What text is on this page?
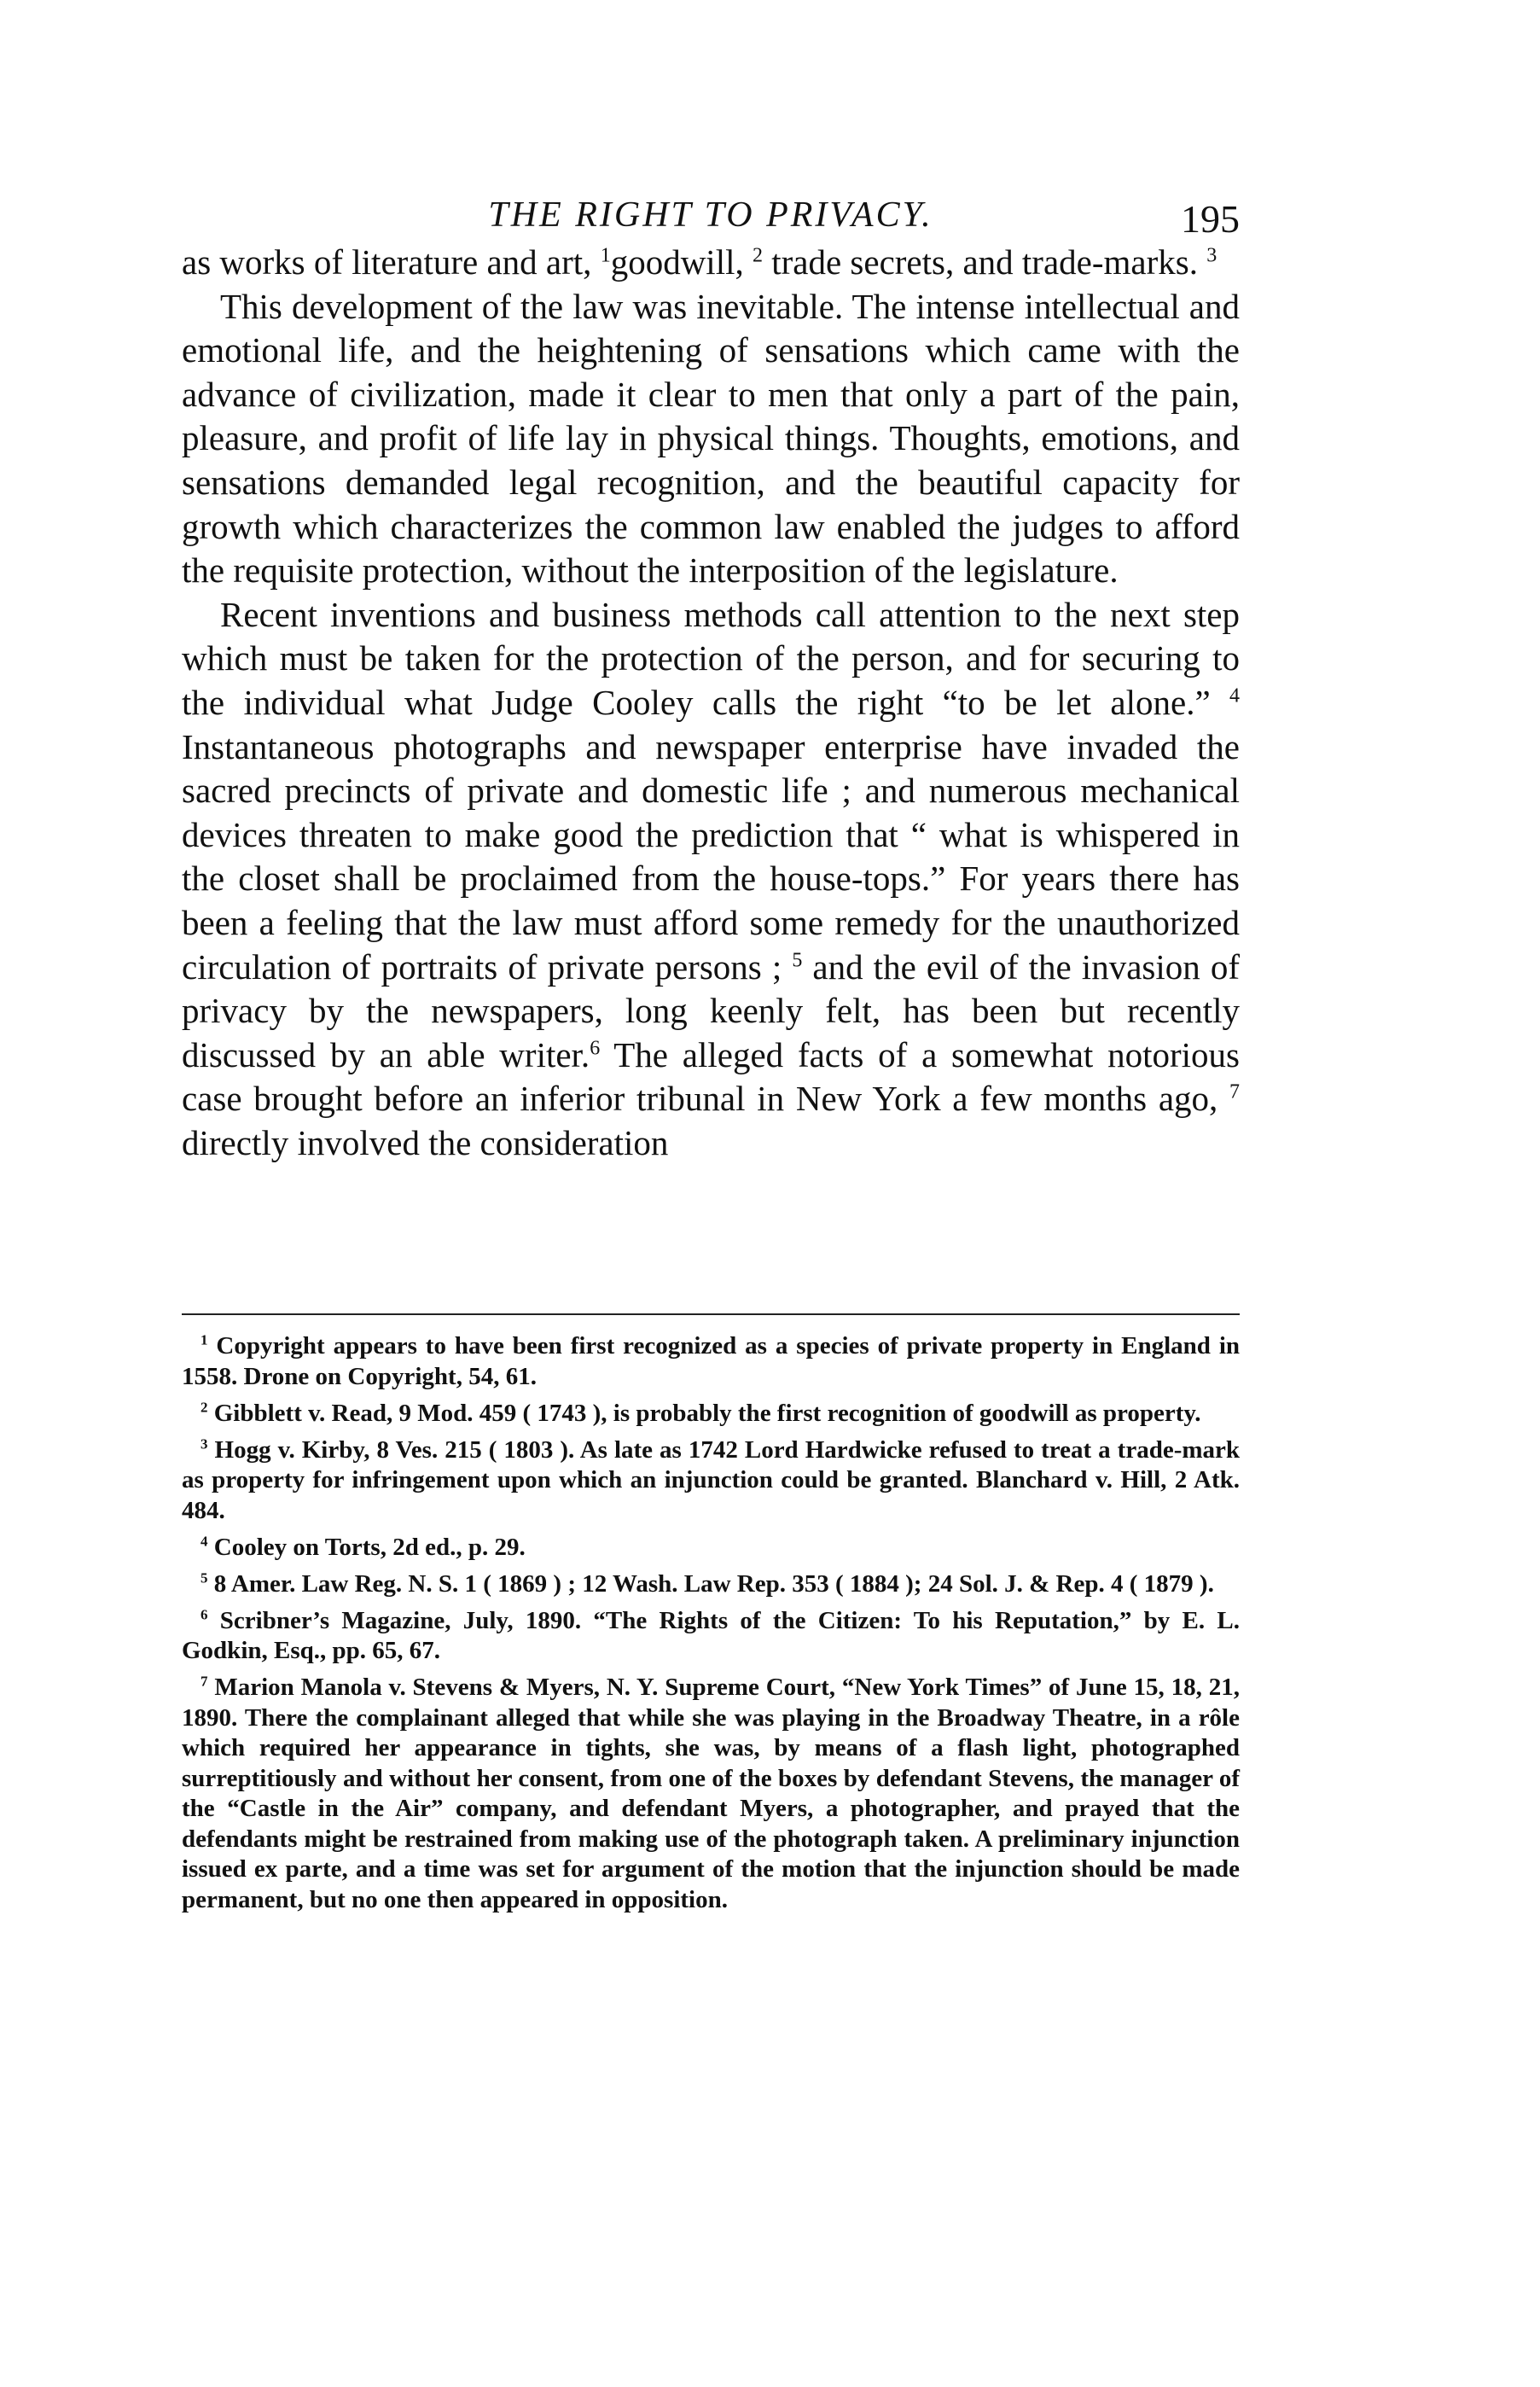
THE RIGHT TO PRIVACY.	195

as works of literature and art, $^1$goodwill, $^2$ trade secrets, and trade-marks. $^3$

This development of the law was inevitable. The intense intellectual and emotional life, and the heightening of sensations which came with the advance of civilization, made it clear to men that only a part of the pain, pleasure, and profit of life lay in physical things. Thoughts, emotions, and sensations demanded legal recognition, and the beautiful capacity for growth which characterizes the common law enabled the judges to afford the requisite protection, without the interposition of the legislature.

Recent inventions and business methods call attention to the next step which must be taken for the protection of the person, and for securing to the individual what Judge Cooley calls the right “to be let alone.” $^4$ Instantaneous photographs and newspaper enterprise have invaded the sacred precincts of private and domestic life ; and numerous mechanical devices threaten to make good the prediction that “ what is whispered in the closet shall be proclaimed from the house-tops.” For years there has been a feeling that the law must afford some remedy for the unauthorized circulation of portraits of private persons ; $^5$ and the evil of the invasion of privacy by the newspapers, long keenly felt, has been but recently discussed by an able writer.$^6$ The alleged facts of a somewhat notorious case brought before an inferior tribunal in New York a few months ago, $^7$ directly involved the consideration

$^1$ Copyright appears to have been first recognized as a species of private property in England in 1558. Drone on Copyright, 54, 61.

$^2$ Gibblett v. Read, 9 Mod. 459 ( 1743 ), is probably the first recognition of goodwill as property.

$^3$ Hogg v. Kirby, 8 Ves. 215 ( 1803 ). As late as 1742 Lord Hardwicke refused to treat a trade-mark as property for infringement upon which an injunction could be granted. Blanchard v. Hill, 2 Atk. 484.

$^4$ Cooley on Torts, 2d ed., p. 29.

$^5$ 8 Amer. Law Reg. N. S. 1 ( 1869 ) ; 12 Wash. Law Rep. 353 ( 1884 ); 24 Sol. J. & Rep. 4 ( 1879 ).

$^6$ Scribner’s Magazine, July, 1890. “The Rights of the Citizen: To his Reputation,” by E. L. Godkin, Esq., pp. 65, 67.

$^7$ Marion Manola v. Stevens & Myers, N. Y. Supreme Court, “New York Times” of June 15, 18, 21, 1890. There the complainant alleged that while she was playing in the Broadway Theatre, in a rôle which required her appearance in tights, she was, by means of a flash light, photographed surreptitiously and without her consent, from one of the boxes by defendant Stevens, the manager of the “Castle in the Air” company, and defendant Myers, a photographer, and prayed that the defendants might be restrained from making use of the photograph taken. A preliminary injunction issued ex parte, and a time was set for argument of the motion that the injunction should be made permanent, but no one then appeared in opposition.
